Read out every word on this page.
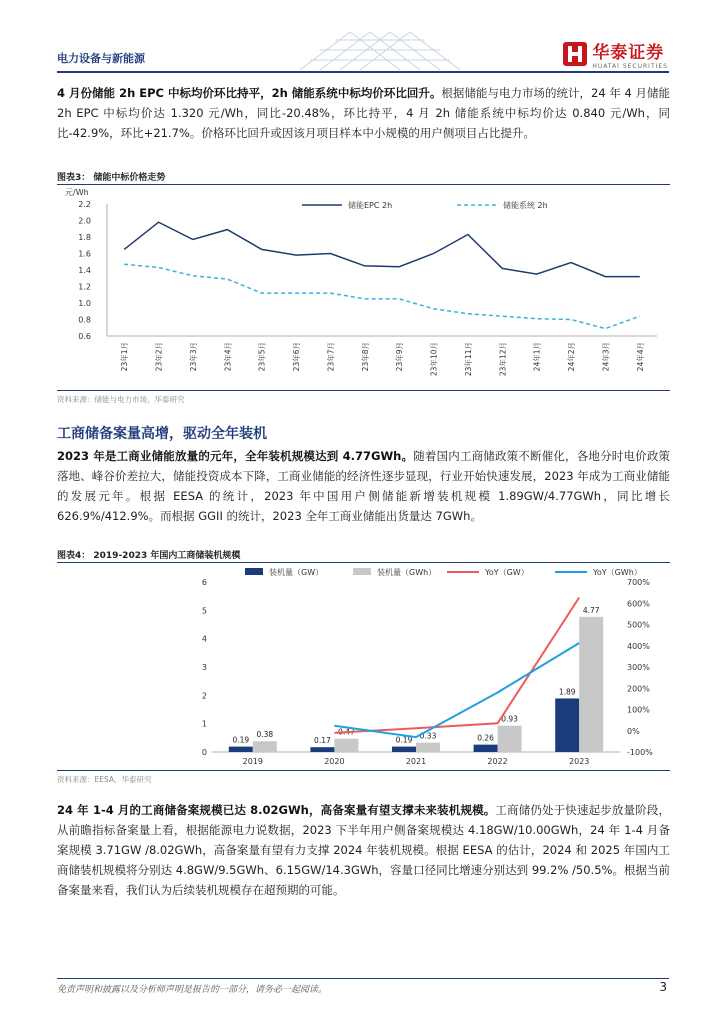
电力设备与新能源	华泰证券
HUATAI SECURITIES
4 月份储能 2h EPC 中标均价环比持平，2h 储能系统中标均价环比回升。根据储能与电力市场的统计，24 年 4 月储能 2h EPC 中标均价达 1.320 元/Wh，同比-20.48%，环比持平，4 月 2h 储能系统中标均价达 0.840 元/Wh，同比-42.9%，环比+21.7%。价格环比回升或因该月项目样本中小规模的用户侧项目占比提升。
图表3： 储能中标价格走势
元/Wh
2.2
2.0
1.8
1.6
1.4
1.2
1.0
0.8
0.6
23年1月	23年2月	23年3月	23年4月	23年5月	23年6月	23年7月	23年8月	23年9月	23年10月	23年11月	23年12月	24年1月	24年2月	24年3月	24年4月
储能EPC 2h	储能系统 2h
资料来源：储能与电力市场，华泰研究
工商储备案量高增，驱动全年装机
2023 年是工商业储能放量的元年，全年装机规模达到 4.77GWh。随着国内工商储政策不断催化，各地分时电价政策落地、峰谷价差拉大，储能投资成本下降，工商业储能的经济性逐步显现，行业开始快速发展，2023 年成为工商业储能的发展元年。根据 EESA 的统计，2023 年中国用户侧储能新增装机规模 1.89GW/4.77GWh，同比增长 626.9%/412.9%。而根据 GGII 的统计，2023 全年工商业储能出货量达 7GWh。
图表4： 2019-2023 年国内工商储装机规模
6
5
4
3
2
1
0
700%
600%
500%
400%
300%
200%
100%
0%
-100%
2019	2020	2021	2022	2023
0.19	0.17	0.19	0.26
1.89
0.38	0.47	0.33
0.93
4.77
装机量（GW）	装机量（GWh）	YoY（GW）	YoY（GWh）
资料来源：EESA，华泰研究
24 年 1-4 月的工商储备案规模已达 8.02GWh，高备案量有望支撑未来装机规模。工商储仍处于快速起步放量阶段，从前瞻指标备案量上看，根据能源电力说数据，2023 下半年用户侧备案规模达 4.18GW/10.00GWh，24 年 1-4 月备案规模 3.71GW /8.02GWh，高备案量有望有力支撑 2024 年装机规模。根据 EESA 的估计，2024 和 2025 年国内工商储装机规模将分别达 4.8GW/9.5GWh、6.15GW/14.3GWh，容量口径同比增速分别达到 99.2% /50.5%。根据当前备案量来看，我们认为后续装机规模存在超预期的可能。
免责声明和披露以及分析师声明是报告的一部分，请务必一起阅读。	3
